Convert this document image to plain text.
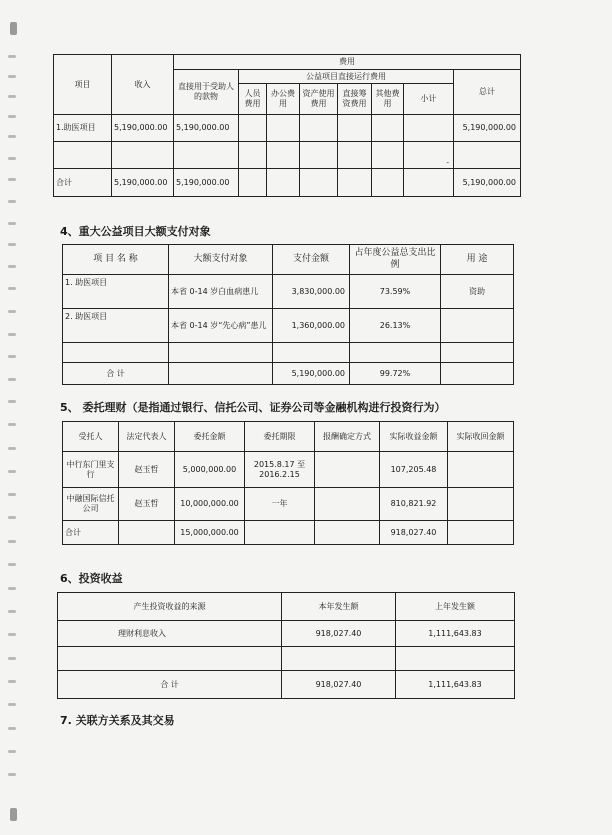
项目	收入	费用							
		直接用于受助人的款物	公益项目直接运行费用						总计
			人员费用	办公费用	资产使用费用	直接筹资费用	其他费用	小计	
1.助医项目	5,190,000.00	5,190,000.00							5,190,000.00
								-	
合计	5,190,000.00	5,190,000.00							5,190,000.00
4、重大公益项目大额支付对象
项 目 名 称	大额支付对象	支付金额	占年度公益总支出比例	用 途
1. 助医项目	本省 0-14 岁白血病患儿	3,830,000.00	73.59%	资助
2. 助医项目	本省 0-14 岁“先心病”患儿	1,360,000.00	26.13%	

合 计		5,190,000.00	99.72%	
5、 委托理财（是指通过银行、信托公司、证券公司等金融机构进行投资行为）
受托人	法定代表人	委托金额	委托期限	报酬确定方式	实际收益金额	实际收回金额
中行东门里支行	赵玉哲	5,000,000.00	2015.8.17 至 2016.2.15		107,205.48	
中融国际信托公司	赵玉哲	10,000,000.00	一年		810,821.92	
合计		15,000,000.00			918,027.40	
6、投资收益
产生投资收益的来源	本年发生额	上年发生额
理财利息收入	918,027.40	1,111,643.83

合 计	918,027.40	1,111,643.83
7. 关联方关系及其交易
